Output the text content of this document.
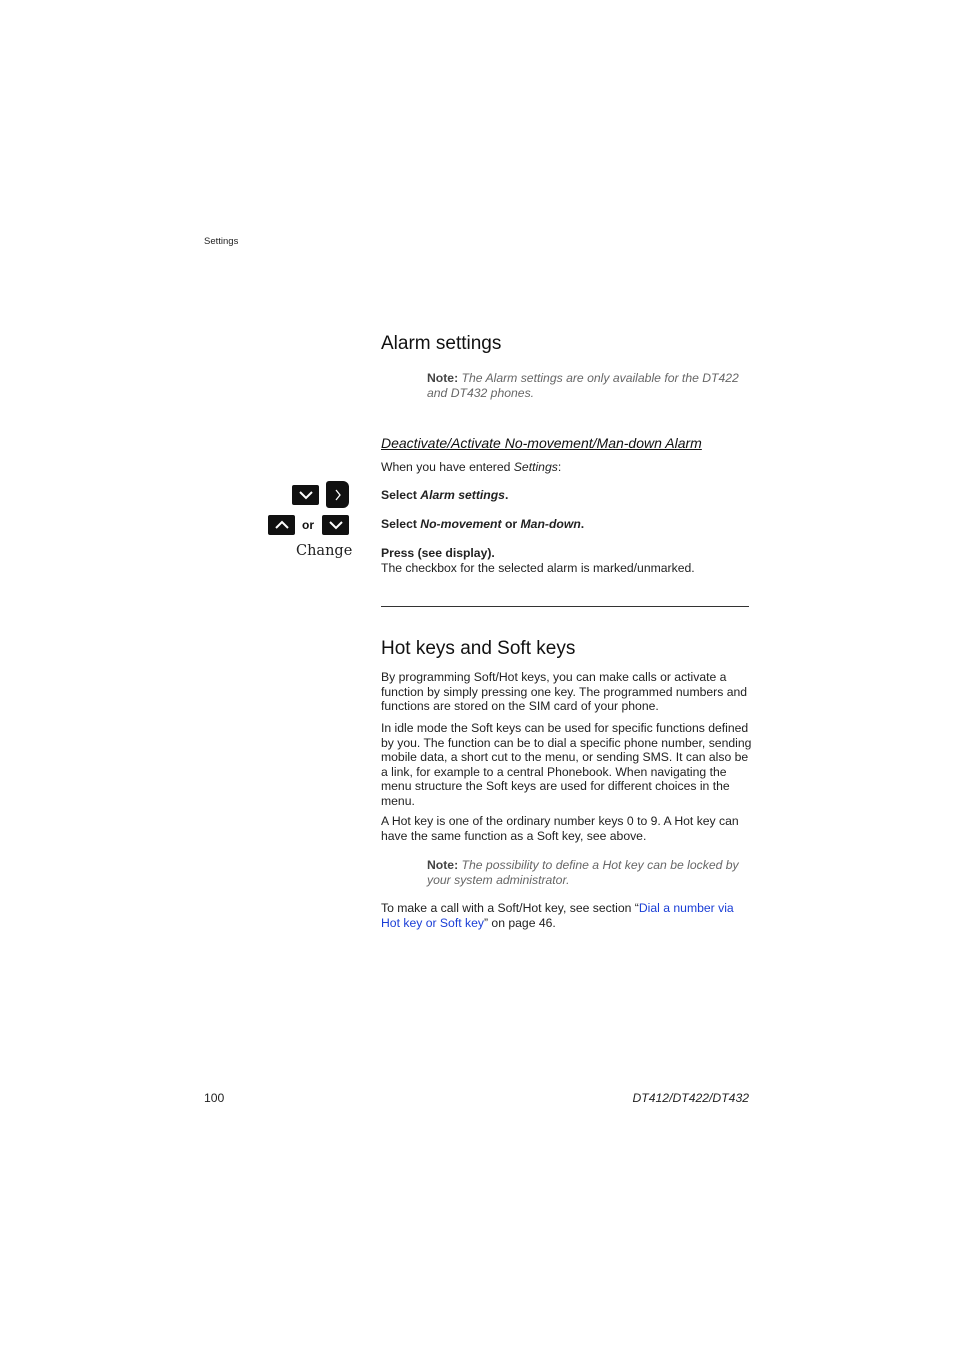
Settings
Alarm settings
Note: The Alarm settings are only available for the DT422 and DT432 phones.
Deactivate/Activate No-movement/Man-down Alarm
When you have entered Settings:
Select Alarm settings.
or	Select No-movement or Man-down.
Change Press (see display).
The checkbox for the selected alarm is marked/unmarked.
Hot keys and Soft keys
By programming Soft/Hot keys, you can make calls or activate a function by simply pressing one key. The programmed numbers and functions are stored on the SIM card of your phone.
In idle mode the Soft keys can be used for specific functions defined by you. The function can be to dial a specific phone number, sending mobile data, a short cut to the menu, or sending SMS. It can also be a link, for example to a central Phonebook. When navigating the menu structure the Soft keys are used for different choices in the menu.
A Hot key is one of the ordinary number keys 0 to 9. A Hot key can have the same function as a Soft key, see above.
Note: The possibility to define a Hot key can be locked by your system administrator.
To make a call with a Soft/Hot key, see section “Dial a number via Hot key or Soft key” on page 46.
100	DT412/DT422/DT432
